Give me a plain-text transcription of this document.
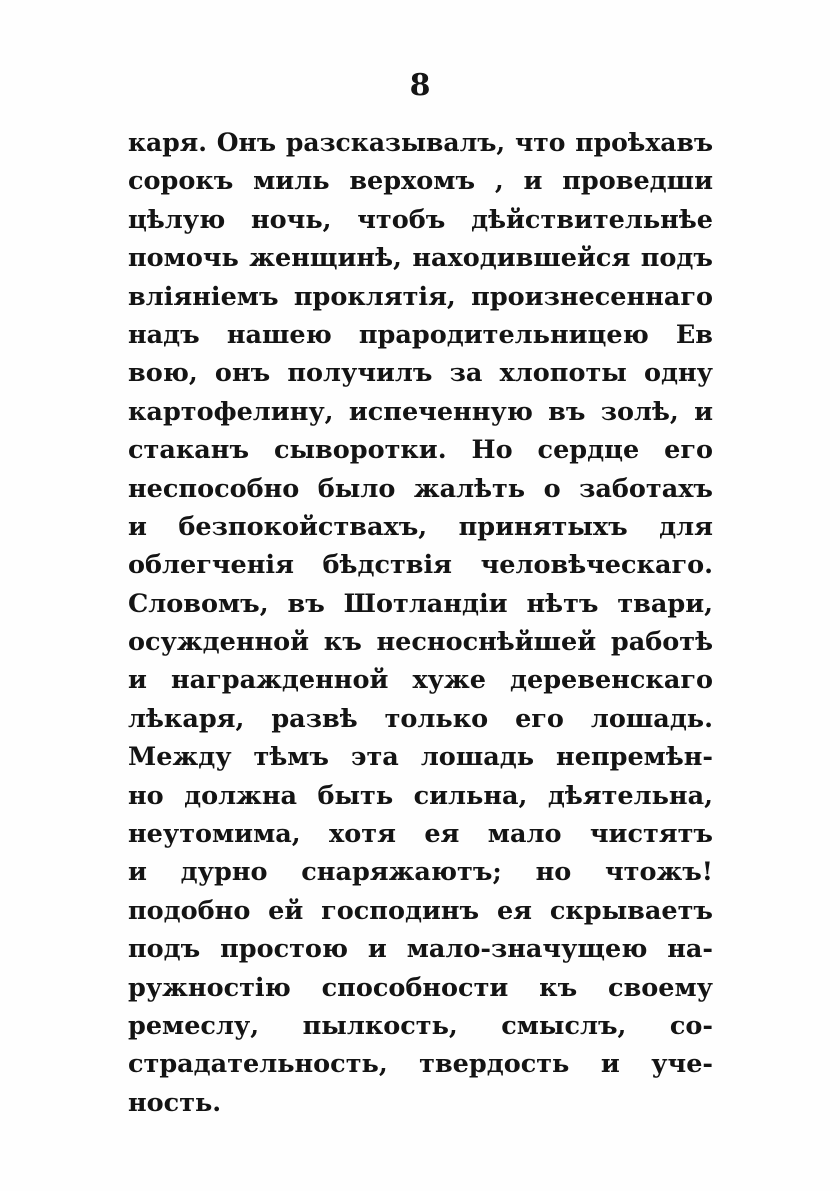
8
каря. Онъ разсказывалъ, что проѣхавъ
сорокъ миль верхомъ , и проведши
цѣлую ночь, чтобъ дѣйствительнѣе
помочь женщинѣ, находившейся подъ
вліяніемъ проклятія, произнесеннаго
надъ нашею прародительницею Ев
вою, онъ получилъ за хлопоты одну
картофелину, испеченную въ золѣ, и
стаканъ сыворотки. Но сердце его
неспособно было жалѣть о заботахъ
и безпокойствахъ, принятыхъ для
облегченія бѣдствія человѣческаго.
Словомъ, въ Шотландіи нѣтъ твари,
осужденной къ несноснѣйшей работѣ
и награжденной хуже деревенскаго
лѣкаря, развѣ только его лошадь.
Между тѣмъ эта лошадь непремѣн-
но должна быть сильна, дѣятельна,
неутомима, хотя ея мало чистятъ
и дурно снаряжаютъ; но чтожъ!
подобно ей господинъ ея скрываетъ
подъ простою и мало-значущею на-
ружностію способности къ своему
ремеслу, пылкость, смыслъ, со-
страдательность, твердость и уче-
ность.
